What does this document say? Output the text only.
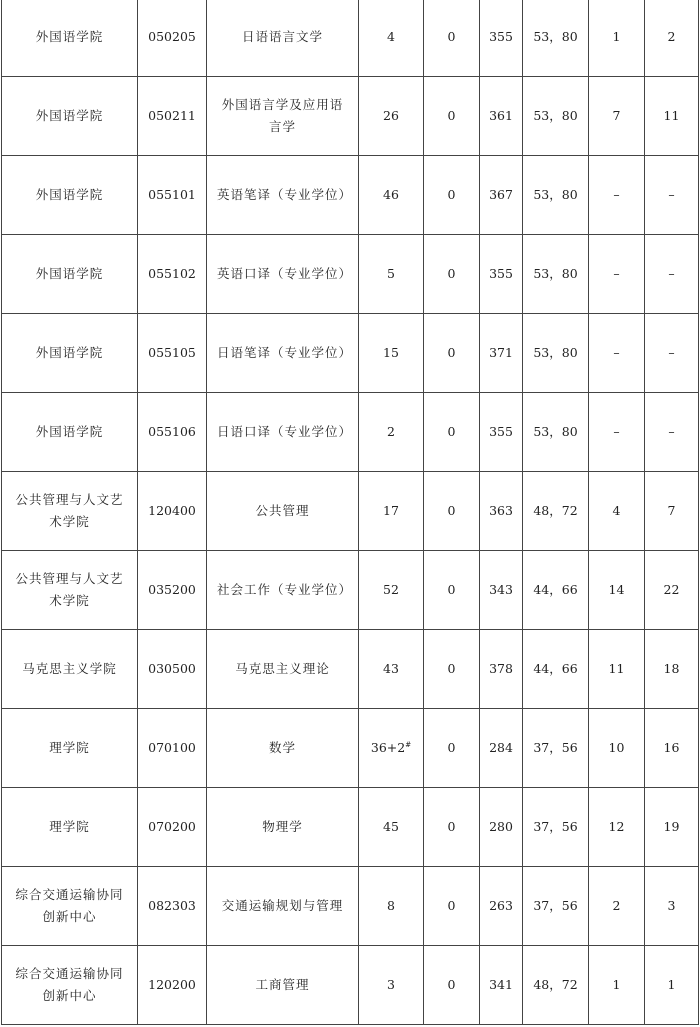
外国语学院	050205	日语语言文学	4	0	355	53，80	1	2
外国语学院	050211	外国语言学及应用语言学	26	0	361	53，80	7	11
外国语学院	055101	英语笔译（专业学位）	46	0	367	53，80	–	–
外国语学院	055102	英语口译（专业学位）	5	0	355	53，80	–	–
外国语学院	055105	日语笔译（专业学位）	15	0	371	53，80	–	–
外国语学院	055106	日语口译（专业学位）	2	0	355	53，80	–	–
公共管理与人文艺术学院	120400	公共管理	17	0	363	48，72	4	7
公共管理与人文艺术学院	035200	社会工作（专业学位）	52	0	343	44，66	14	22
马克思主义学院	030500	马克思主义理论	43	0	378	44，66	11	18
理学院	070100	数学	36+2#	0	284	37，56	10	16
理学院	070200	物理学	45	0	280	37，56	12	19
综合交通运输协同创新中心	082303	交通运输规划与管理	8	0	263	37，56	2	3
综合交通运输协同创新中心	120200	工商管理	3	0	341	48，72	1	1
